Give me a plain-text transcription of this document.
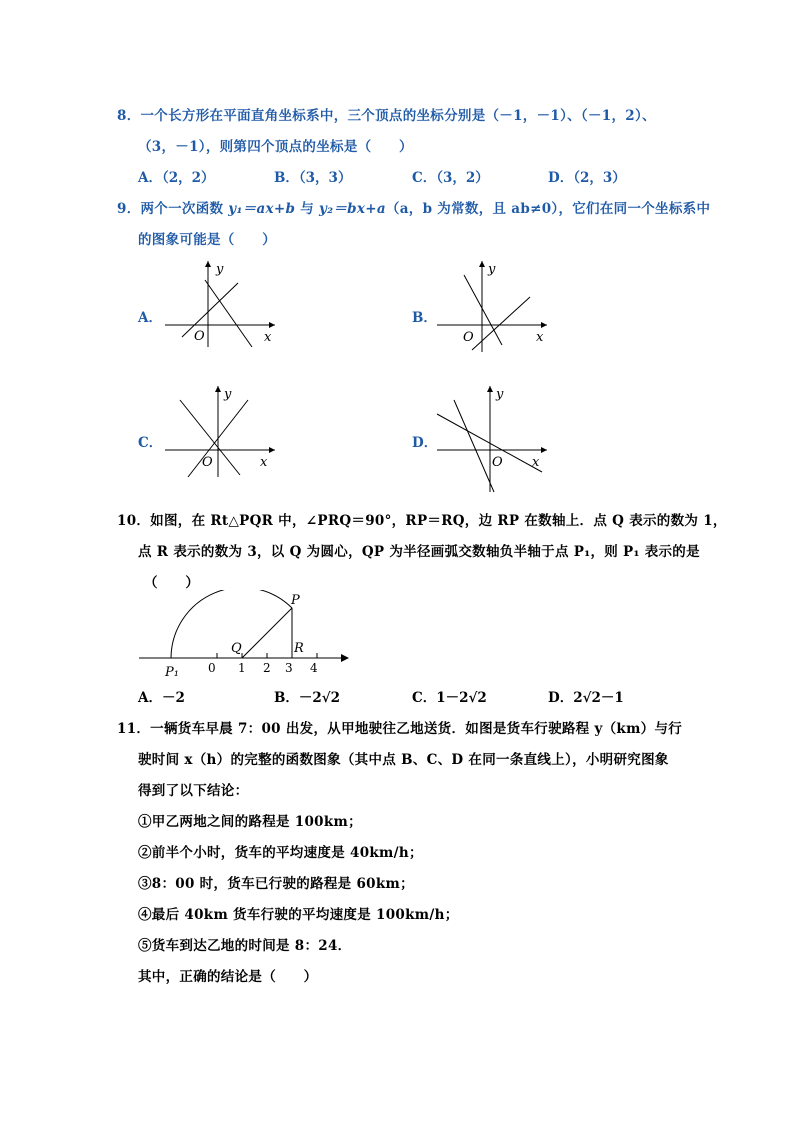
8．一个长方形在平面直角坐标系中，三个顶点的坐标分别是（－1，－1）、（－1，2）、
（3，－1），则第四个顶点的坐标是（　　）
A．（2，2）	B．（3，3）	C．（3，2）	D．（2，3）
9．两个一次函数 y₁＝ax+b 与 y₂＝bx+a（a，b 为常数，且 ab≠0），它们在同一个坐标系中
的图象可能是（　　）
A．
y
x
O
B．
y
x
O
C．
y
x
O
D．
y
x
O
10．如图，在 Rt△PQR 中，∠PRQ＝90°，RP＝RQ，边 RP 在数轴上．点 Q 表示的数为 1，
点 R 表示的数为 3，以 Q 为圆心，QP 为半径画弧交数轴负半轴于点 P₁，则 P₁ 表示的是
（　　）
P
Q	R
P₁ 0 1 2 3 4
A．－2	B．－2√2	C．1－2√2	D．2√2－1
11．一辆货车早晨 7：00 出发，从甲地驶往乙地送货．如图是货车行驶路程 y（km）与行
驶时间 x（h）的完整的函数图象（其中点 B、C、D 在同一条直线上），小明研究图象
得到了以下结论：
①甲乙两地之间的路程是 100km；
②前半个小时，货车的平均速度是 40km/h；
③8：00 时，货车已行驶的路程是 60km；
④最后 40km 货车行驶的平均速度是 100km/h；
⑤货车到达乙地的时间是 8：24．
其中，正确的结论是（　　）
